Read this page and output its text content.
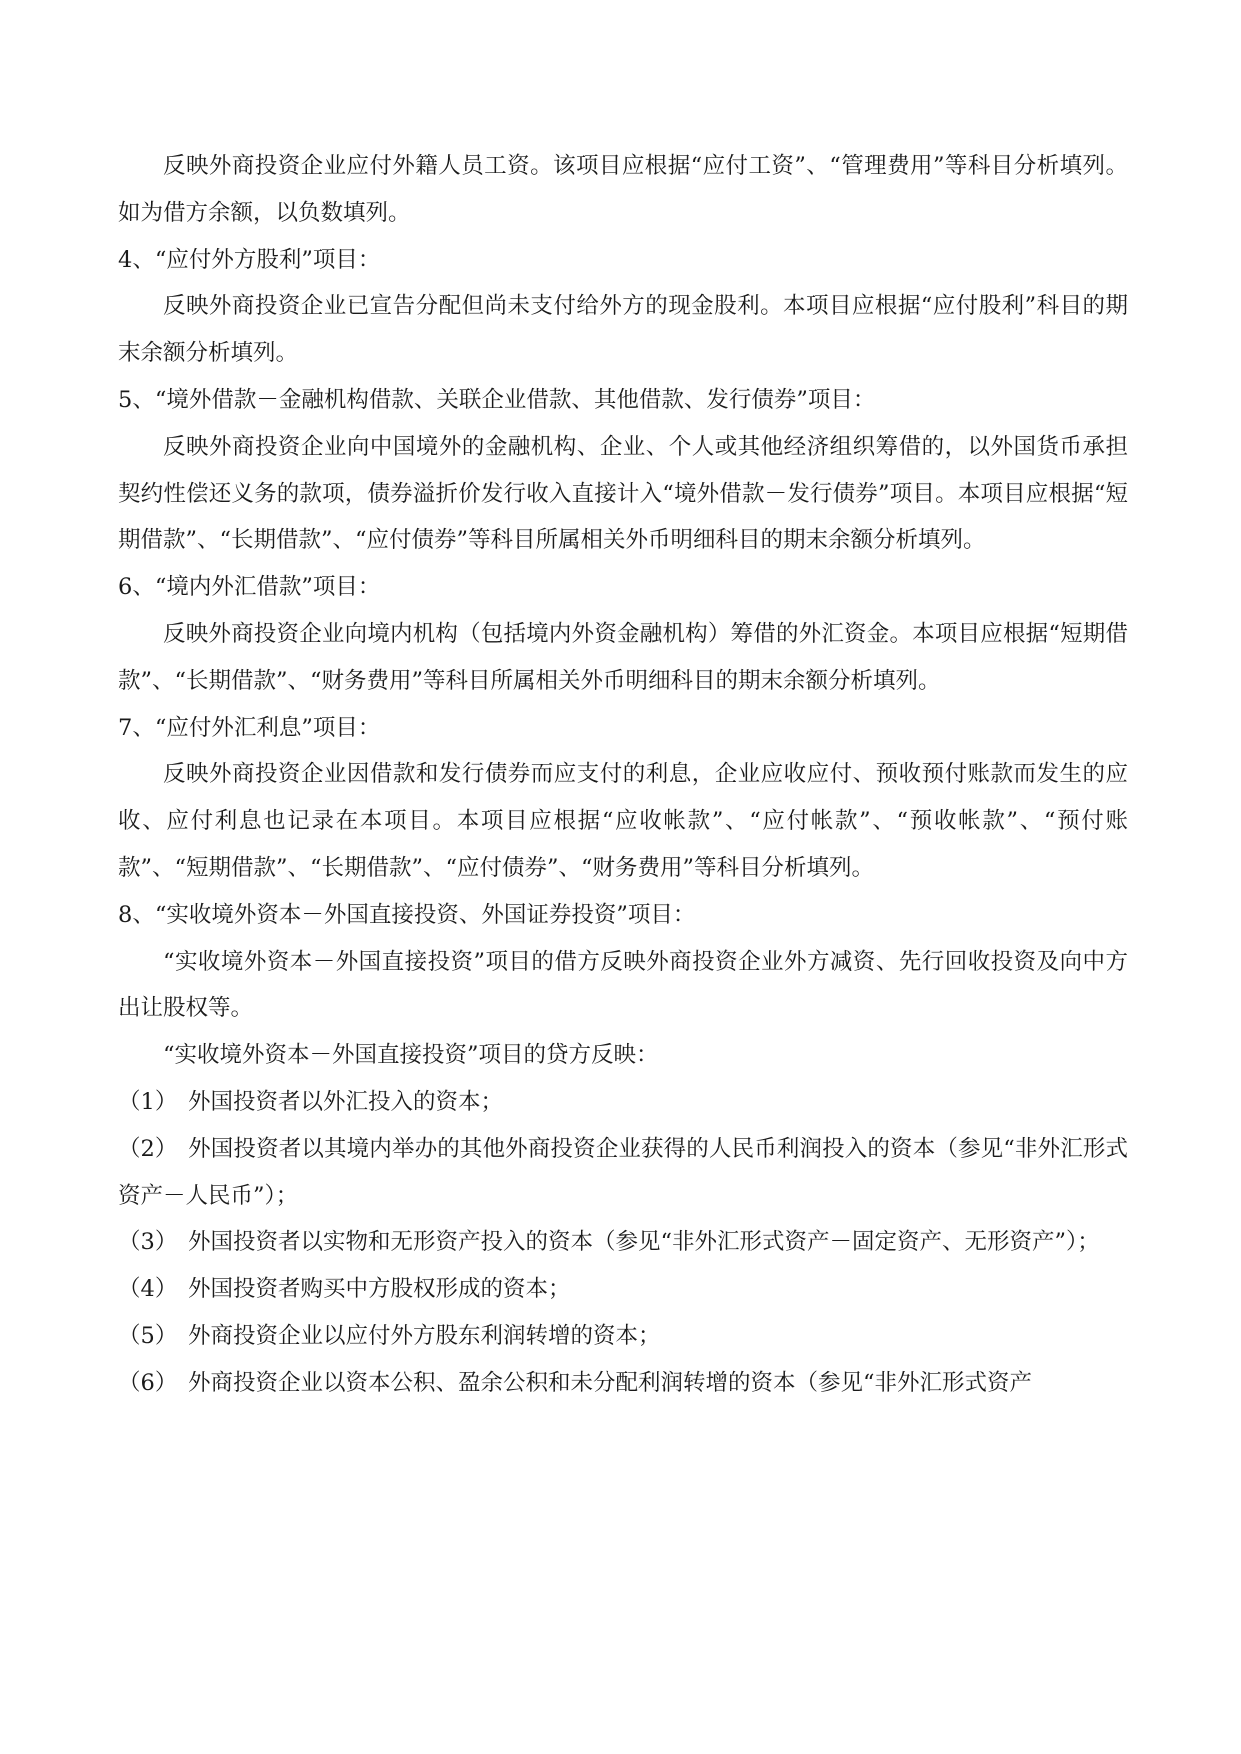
反映外商投资企业应付外籍人员工资。该项目应根据“应付工资”、“管理费用”等科目分析填列。如为借方余额，以负数填列。

4、“应付外方股利”项目：

反映外商投资企业已宣告分配但尚未支付给外方的现金股利。本项目应根据“应付股利”科目的期末余额分析填列。

5、“境外借款－金融机构借款、关联企业借款、其他借款、发行债券”项目：

反映外商投资企业向中国境外的金融机构、企业、个人或其他经济组织筹借的，以外国货币承担契约性偿还义务的款项，债券溢折价发行收入直接计入“境外借款－发行债券”项目。本项目应根据“短期借款”、“长期借款”、“应付债券”等科目所属相关外币明细科目的期末余额分析填列。

6、“境内外汇借款”项目：

反映外商投资企业向境内机构（包括境内外资金融机构）筹借的外汇资金。本项目应根据“短期借款”、“长期借款”、“财务费用”等科目所属相关外币明细科目的期末余额分析填列。

7、“应付外汇利息”项目：

反映外商投资企业因借款和发行债券而应支付的利息，企业应收应付、预收预付账款而发生的应收、应付利息也记录在本项目。本项目应根据“应收帐款”、“应付帐款”、“预收帐款”、“预付账款”、“短期借款”、“长期借款”、“应付债券”、“财务费用”等科目分析填列。

8、“实收境外资本－外国直接投资、外国证券投资”项目：

“实收境外资本－外国直接投资”项目的借方反映外商投资企业外方减资、先行回收投资及向中方出让股权等。

“实收境外资本－外国直接投资”项目的贷方反映：

（1） 外国投资者以外汇投入的资本；

（2） 外国投资者以其境内举办的其他外商投资企业获得的人民币利润投入的资本（参见“非外汇形式资产－人民币”）；

（3） 外国投资者以实物和无形资产投入的资本（参见“非外汇形式资产－固定资产、无形资产”）；

（4） 外国投资者购买中方股权形成的资本；

（5） 外商投资企业以应付外方股东利润转增的资本；

（6） 外商投资企业以资本公积、盈余公积和未分配利润转增的资本（参见“非外汇形式资产
